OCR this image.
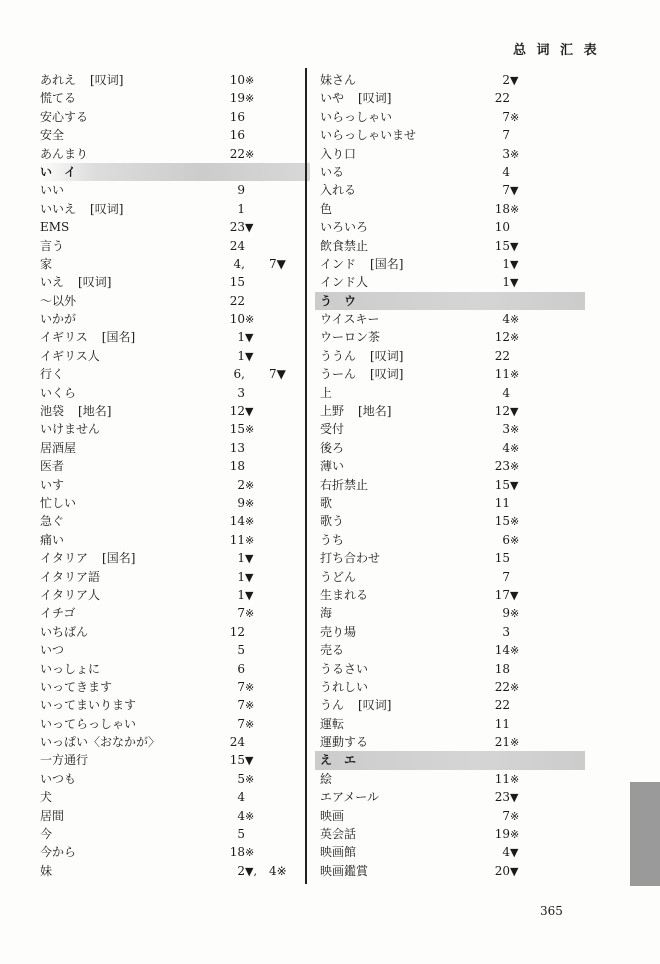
总 词 汇 表
あれえ [叹词]	10※
慌てる	19※
安心する	16
安全	16
あんまり	22※
い　イ
いい	9
いいえ [叹词]	1
EMS	23▼
言う	24
家	4, 7▼
いえ [叹词]	15
～以外	22
いかが	10※
イギリス [国名]	1▼
イギリス人	1▼
行く	6, 7▼
いくら	3
池袋 [地名]	12▼
いけません	15※
居酒屋	13
医者	18
いす	2※
忙しい	9※
急ぐ	14※
痛い	11※
イタリア [国名]	1▼
イタリア語	1▼
イタリア人	1▼
イチゴ	7※
いちばん	12
いつ	5
いっしょに	6
いってきます	7※
いってまいります	7※
いってらっしゃい	7※
いっぱい〈おなかが〉	24
一方通行	15▼
いつも	5※
犬	4
居間	4※
今	5
今から	18※
妹	2▼, 4※
妹さん	2▼
いや [叹词]	22
いらっしゃい	7※
いらっしゃいませ	7
入り口	3※
いる	4
入れる	7▼
色	18※
いろいろ	10
飲食禁止	15▼
インド [国名]	1▼
インド人	1▼
う　ウ
ウイスキー	4※
ウーロン茶	12※
ううん [叹词]	22
うーん [叹词]	11※
上	4
上野 [地名]	12▼
受付	3※
後ろ	4※
薄い	23※
右折禁止	15▼
歌	11
歌う	15※
うち	6※
打ち合わせ	15
うどん	7
生まれる	17▼
海	9※
売り場	3
売る	14※
うるさい	18
うれしい	22※
うん [叹词]	22
運転	11
運動する	21※
え　エ
絵	11※
エアメール	23▼
映画	7※
英会話	19※
映画館	4▼
映画鑑賞	20▼
365
